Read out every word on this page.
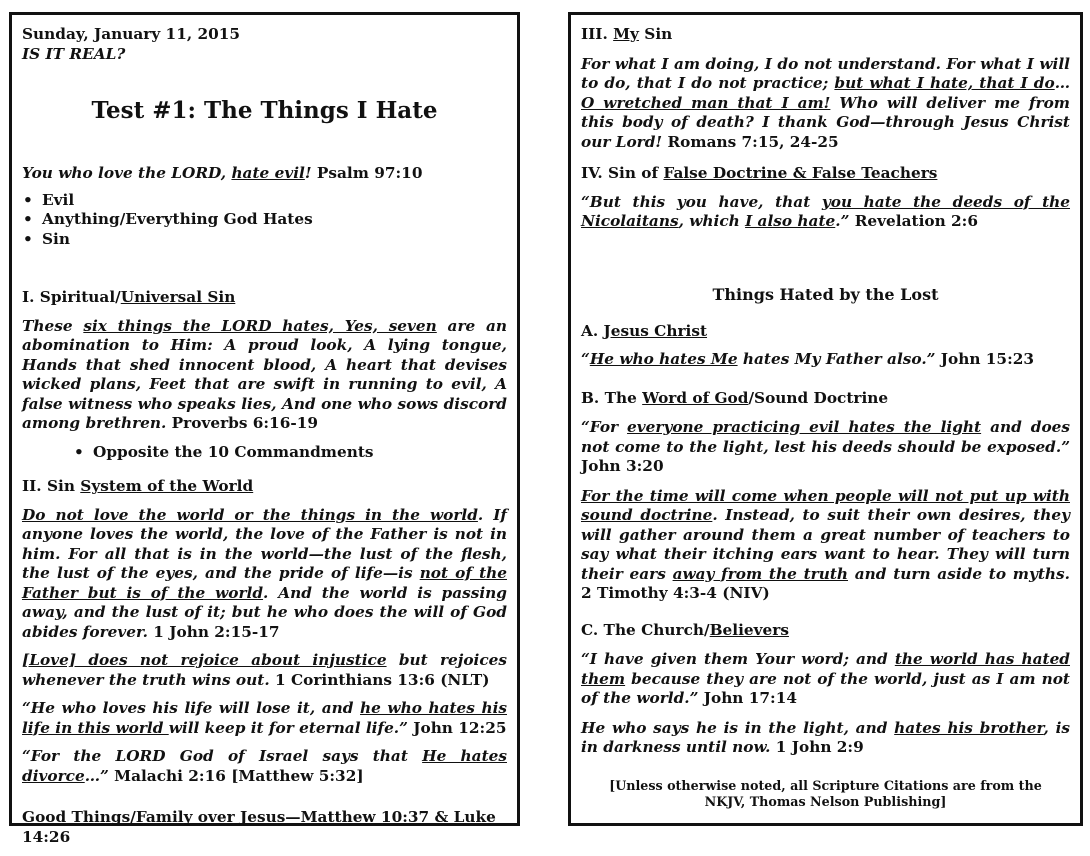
Sunday, January 11, 2015
IS IT REAL?
Test #1: The Things I Hate
You who love the LORD, hate evil! Psalm 97:10
• Evil
• Anything/Everything God Hates
• Sin
I. Spiritual/Universal Sin
These six things the LORD hates, Yes, seven are an abomination to Him: A proud look, A lying tongue, Hands that shed innocent blood, A heart that devises wicked plans, Feet that are swift in running to evil, A false witness who speaks lies, And one who sows discord among brethren. Proverbs 6:16-19
• Opposite the 10 Commandments
II. Sin System of the World
Do not love the world or the things in the world. If anyone loves the world, the love of the Father is not in him. For all that is in the world—the lust of the flesh, the lust of the eyes, and the pride of life—is not of the Father but is of the world. And the world is passing away, and the lust of it; but he who does the will of God abides forever. 1 John 2:15-17
[Love] does not rejoice about injustice but rejoices whenever the truth wins out. 1 Corinthians 13:6 (NLT)
“He who loves his life will lose it, and he who hates his life in this world will keep it for eternal life.” John 12:25
“For the LORD God of Israel says that He hates divorce…” Malachi 2:16 [Matthew 5:32]
Good Things/Family over Jesus—Matthew 10:37 & Luke 14:26
III. My Sin
For what I am doing, I do not understand. For what I will to do, that I do not practice; but what I hate, that I do…O wretched man that I am! Who will deliver me from this body of death? I thank God—through Jesus Christ our Lord! Romans 7:15, 24-25
IV. Sin of False Doctrine & False Teachers
“But this you have, that you hate the deeds of the Nicolaitans, which I also hate.” Revelation 2:6
Things Hated by the Lost
A. Jesus Christ
“He who hates Me hates My Father also.” John 15:23
B. The Word of God/Sound Doctrine
“For everyone practicing evil hates the light and does not come to the light, lest his deeds should be exposed.” John 3:20
For the time will come when people will not put up with sound doctrine. Instead, to suit their own desires, they will gather around them a great number of teachers to say what their itching ears want to hear. They will turn their ears away from the truth and turn aside to myths. 2 Timothy 4:3-4 (NIV)
C. The Church/Believers
“I have given them Your word; and the world has hated them because they are not of the world, just as I am not of the world.” John 17:14
He who says he is in the light, and hates his brother, is in darkness until now. 1 John 2:9
[Unless otherwise noted, all Scripture Citations are from the
NKJV, Thomas Nelson Publishing]
